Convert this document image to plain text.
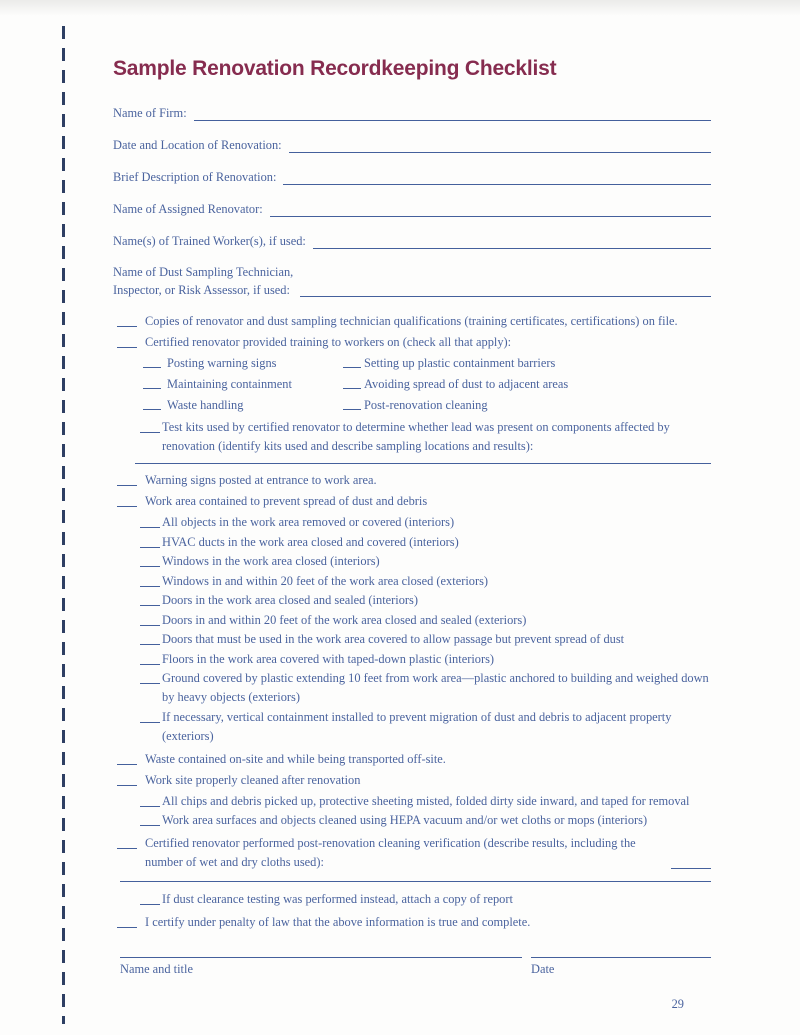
Sample Renovation Recordkeeping Checklist
Name of Firm:
Date and Location of Renovation:
Brief Description of Renovation:
Name of Assigned Renovator:
Name(s) of Trained Worker(s), if used:
Name of Dust Sampling Technician,
Inspector, or Risk Assessor, if used:
Copies of renovator and dust sampling technician qualifications (training certificates, certifications) on file.
Certified renovator provided training to workers on (check all that apply):
Posting warning signs	Setting up plastic containment barriers
Maintaining containment	Avoiding spread of dust to adjacent areas
Waste handling	Post-renovation cleaning
Test kits used by certified renovator to determine whether lead was present on components affected by renovation (identify kits used and describe sampling locations and results):
Warning signs posted at entrance to work area.
Work area contained to prevent spread of dust and debris
All objects in the work area removed or covered (interiors)
HVAC ducts in the work area closed and covered (interiors)
Windows in the work area closed (interiors)
Windows in and within 20 feet of the work area closed (exteriors)
Doors in the work area closed and sealed (interiors)
Doors in and within 20 feet of the work area closed and sealed (exteriors)
Doors that must be used in the work area covered to allow passage but prevent spread of dust
Floors in the work area covered with taped-down plastic (interiors)
Ground covered by plastic extending 10 feet from work area—plastic anchored to building and weighed down by heavy objects (exteriors)
If necessary, vertical containment installed to prevent migration of dust and debris to adjacent property (exteriors)
Waste contained on-site and while being transported off-site.
Work site properly cleaned after renovation
All chips and debris picked up, protective sheeting misted, folded dirty side inward, and taped for removal
Work area surfaces and objects cleaned using HEPA vacuum and/or wet cloths or mops (interiors)
Certified renovator performed post-renovation cleaning verification (describe results, including the number of wet and dry cloths used):
If dust clearance testing was performed instead, attach a copy of report
I certify under penalty of law that the above information is true and complete.
Name and title	Date
29
